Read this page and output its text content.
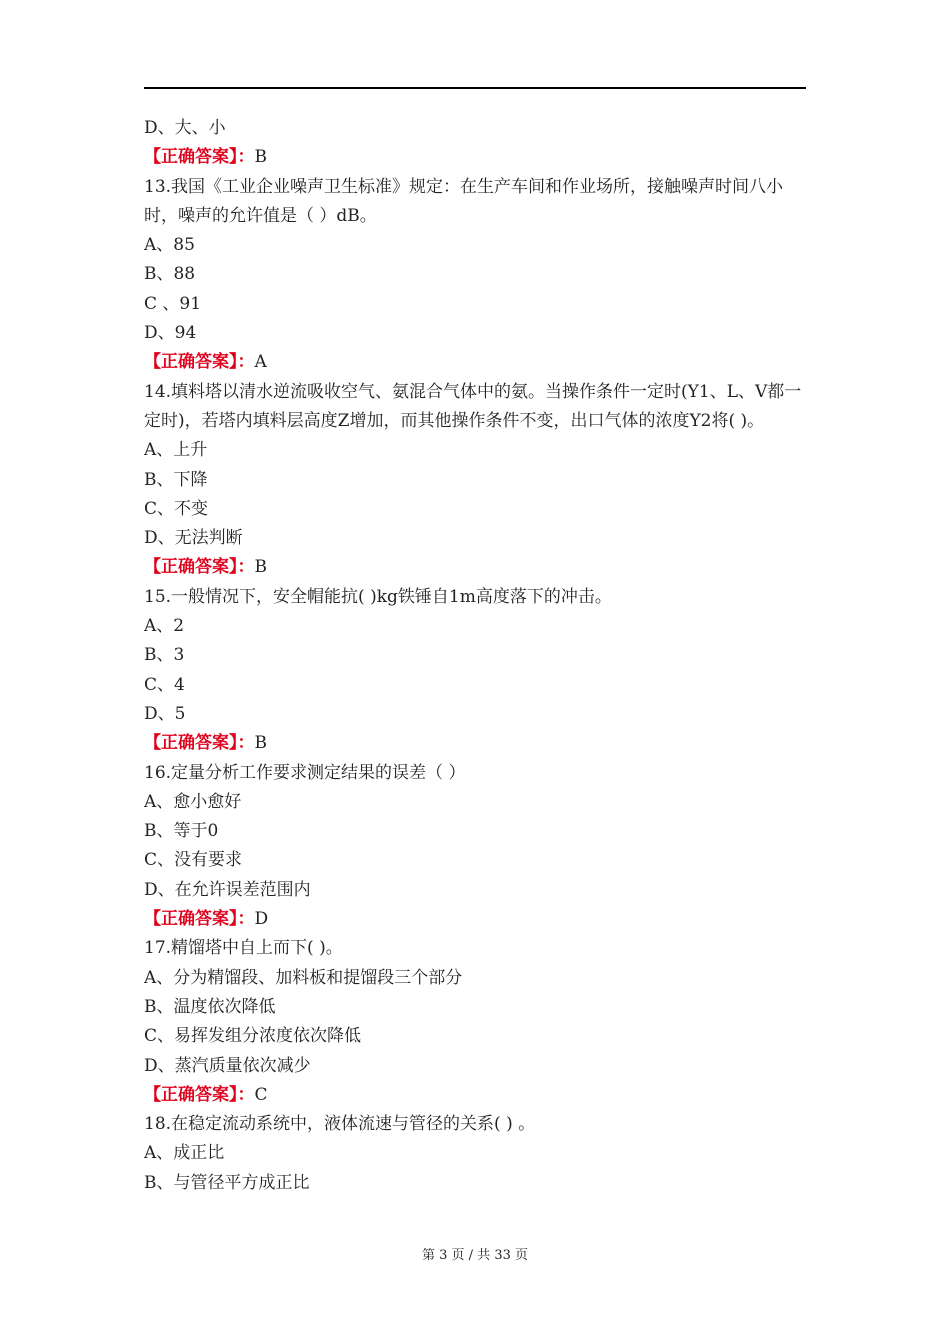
D、大、小
【正确答案】：B
13.我国《工业企业噪声卫生标准》规定：在生产车间和作业场所，接触噪声时间八小时，噪声的允许值是（ ）dB。
A、85
B、88
C 、91
D、94
【正确答案】：A
14.填料塔以清水逆流吸收空气、氨混合气体中的氨。当操作条件一定时(Y1、L、V都一定时)，若塔内填料层高度Z增加，而其他操作条件不变，出口气体的浓度Y2将( )。
A、上升
B、下降
C、不变
D、无法判断
【正确答案】：B
15.一般情况下，安全帽能抗( )kg铁锤自1m高度落下的冲击。
A、2
B、3
C、4
D、5
【正确答案】：B
16.定量分析工作要求测定结果的误差（ ）
A、愈小愈好
B、等于0
C、没有要求
D、在允许误差范围内
【正确答案】：D
17.精馏塔中自上而下( )。
A、分为精馏段、加料板和提馏段三个部分
B、温度依次降低
C、易挥发组分浓度依次降低
D、蒸汽质量依次减少
【正确答案】：C
18.在稳定流动系统中，液体流速与管径的关系( ) 。
A、成正比
B、与管径平方成正比
第 3 页 / 共 33 页
